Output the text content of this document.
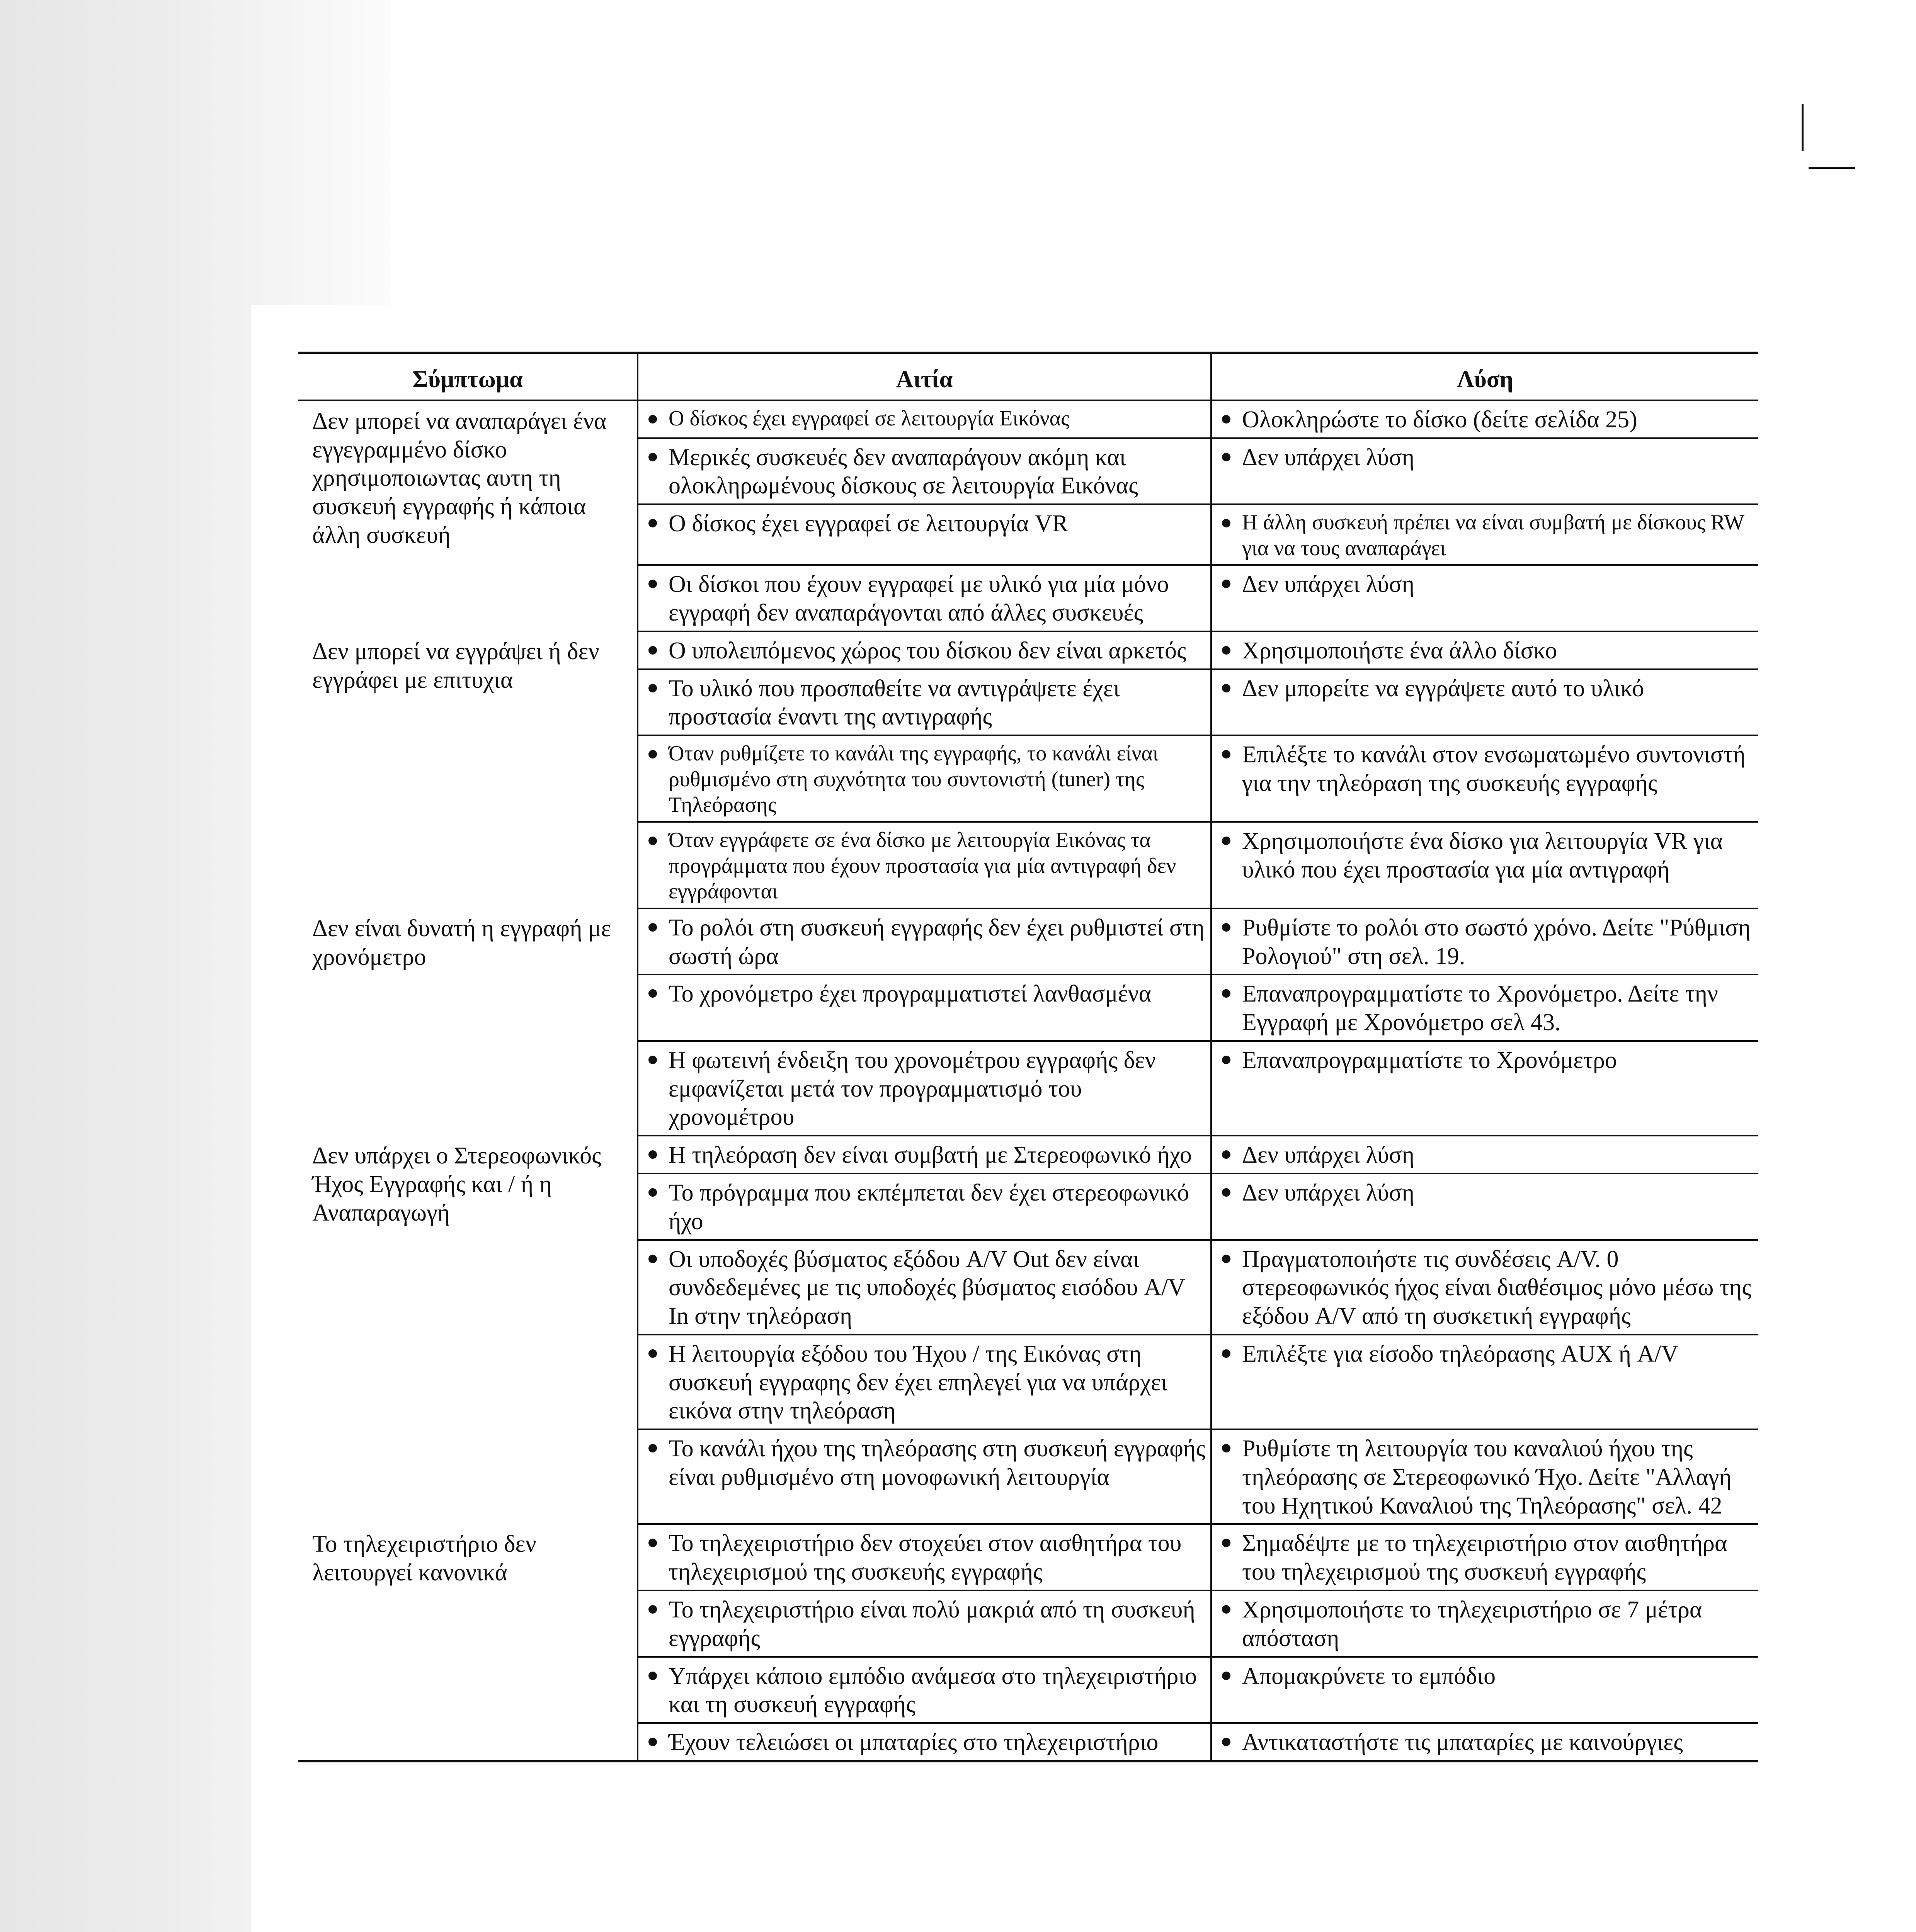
Σύμπτωμα	Αιτία	Λύση
Δεν μπορεί να αναπαράγει ένα εγγεγραμμένο δίσκο χρησιμοποιωντας αυτη τη συσκευή εγγραφής ή κάποια άλλη συσκευή	Ο δίσκος έχει εγγραφεί σε λειτουργία Εικόνας	Ολοκληρώστε το δίσκο (δείτε σελίδα 25)

	Μερικές συσκευές δεν αναπαράγουν ακόμη και ολοκληρωμένους δίσκους σε λειτουργία Εικόνας	Δεν υπάρχει λύση

	Ο δίσκος έχει εγγραφεί σε λειτουργία VR	Η άλλη συσκευή πρέπει να είναι συμβατή με δίσκους RW για να τους αναπαράγει

	Οι δίσκοι που έχουν εγγραφεί με υλικό για μία μόνο εγγραφή δεν αναπαράγονται από άλλες συσκευές	Δεν υπάρχει λύση

Δεν μπορεί να εγγράψει ή δεν εγγράφει με επιτυχια	Ο υπολειπόμενος χώρος του δίσκου δεν είναι αρκετός	Χρησιμοποιήστε ένα άλλο δίσκο

	Το υλικό που προσπαθείτε να αντιγράψετε έχει προστασία έναντι της αντιγραφής	Δεν μπορείτε να εγγράψετε αυτό το υλικό

	Όταν ρυθμίζετε το κανάλι της εγγραφής, το κανάλι είναι ρυθμισμένο στη συχνότητα του συντονιστή (tuner) της Τηλεόρασης	Επιλέξτε το κανάλι στον ενσωματωμένο συντονιστή για την τηλεόραση της συσκευής εγγραφής

	Όταν εγγράφετε σε ένα δίσκο με λειτουργία Εικόνας τα προγράμματα που έχουν προστασία για μία αντιγραφή δεν εγγράφονται	Χρησιμοποιήστε ένα δίσκο για λειτουργία VR για υλικό που έχει προστασία για μία αντιγραφή

Δεν είναι δυνατή η εγγραφή με χρονόμετρο	Το ρολόι στη συσκευή εγγραφής δεν έχει ρυθμιστεί στη σωστή ώρα	Ρυθμίστε το ρολόι στο σωστό χρόνο. Δείτε "Ρύθμιση Ρολογιού" στη σελ. 19.

	Το χρονόμετρο έχει προγραμματιστεί λανθασμένα	Επαναπρογραμματίστε το Χρονόμετρο. Δείτε την Εγγραφή με Χρονόμετρο σελ 43.

	Η φωτεινή ένδειξη του χρονομέτρου εγγραφής δεν εμφανίζεται μετά τον προγραμματισμό του χρονομέτρου	Επαναπρογραμματίστε το Χρονόμετρο

Δεν υπάρχει ο Στερεοφωνικός Ήχος Εγγραφής και / ή η Αναπαραγωγή	Η τηλεόραση δεν είναι συμβατή με Στερεοφωνικό ήχο	Δεν υπάρχει λύση

	Το πρόγραμμα που εκπέμπεται δεν έχει στερεοφωνικό ήχο	Δεν υπάρχει λύση

	Οι υποδοχές βύσματος εξόδου A/V Out δεν είναι συνδεδεμένες με τις υποδοχές βύσματος εισόδου A/V In στην τηλεόραση	Πραγματοποιήστε τις συνδέσεις A/V. 0 στερεοφωνικός ήχος είναι διαθέσιμος μόνο μέσω της εξόδου A/V από τη συσκετική εγγραφής

	Η λειτουργία εξόδου του Ήχου / της Εικόνας στη συσκευή εγγραφης δεν έχει επηλεγεί για να υπάρχει εικόνα στην τηλεόραση	Επιλέξτε για είσοδο τηλεόρασης AUX ή A/V

	Το κανάλι ήχου της τηλεόρασης στη συσκευή εγγραφής είναι ρυθμισμένο στη μονοφωνική λειτουργία	Ρυθμίστε τη λειτουργία του καναλιού ήχου της τηλεόρασης σε Στερεοφωνικό Ήχο. Δείτε "Αλλαγή του Ηχητικού Καναλιού της Τηλεόρασης" σελ. 42

Το τηλεχειριστήριο δεν λειτουργεί κανονικά	Το τηλεχειριστήριο δεν στοχεύει στον αισθητήρα του τηλεχειρισμού της συσκευής εγγραφής	Σημαδέψτε με το τηλεχειριστήριο στον αισθητήρα του τηλεχειρισμού της συσκευή εγγραφής

	Το τηλεχειριστήριο είναι πολύ μακριά από τη συσκευή εγγραφής	Χρησιμοποιήστε το τηλεχειριστήριο σε 7 μέτρα απόσταση

	Υπάρχει κάποιο εμπόδιο ανάμεσα στο τηλεχειριστήριο και τη συσκευή εγγραφής	Απομακρύνετε το εμπόδιο

	Έχουν τελειώσει οι μπαταρίες στο τηλεχειριστήριο	Αντικαταστήστε τις μπαταρίες με καινούργιες
